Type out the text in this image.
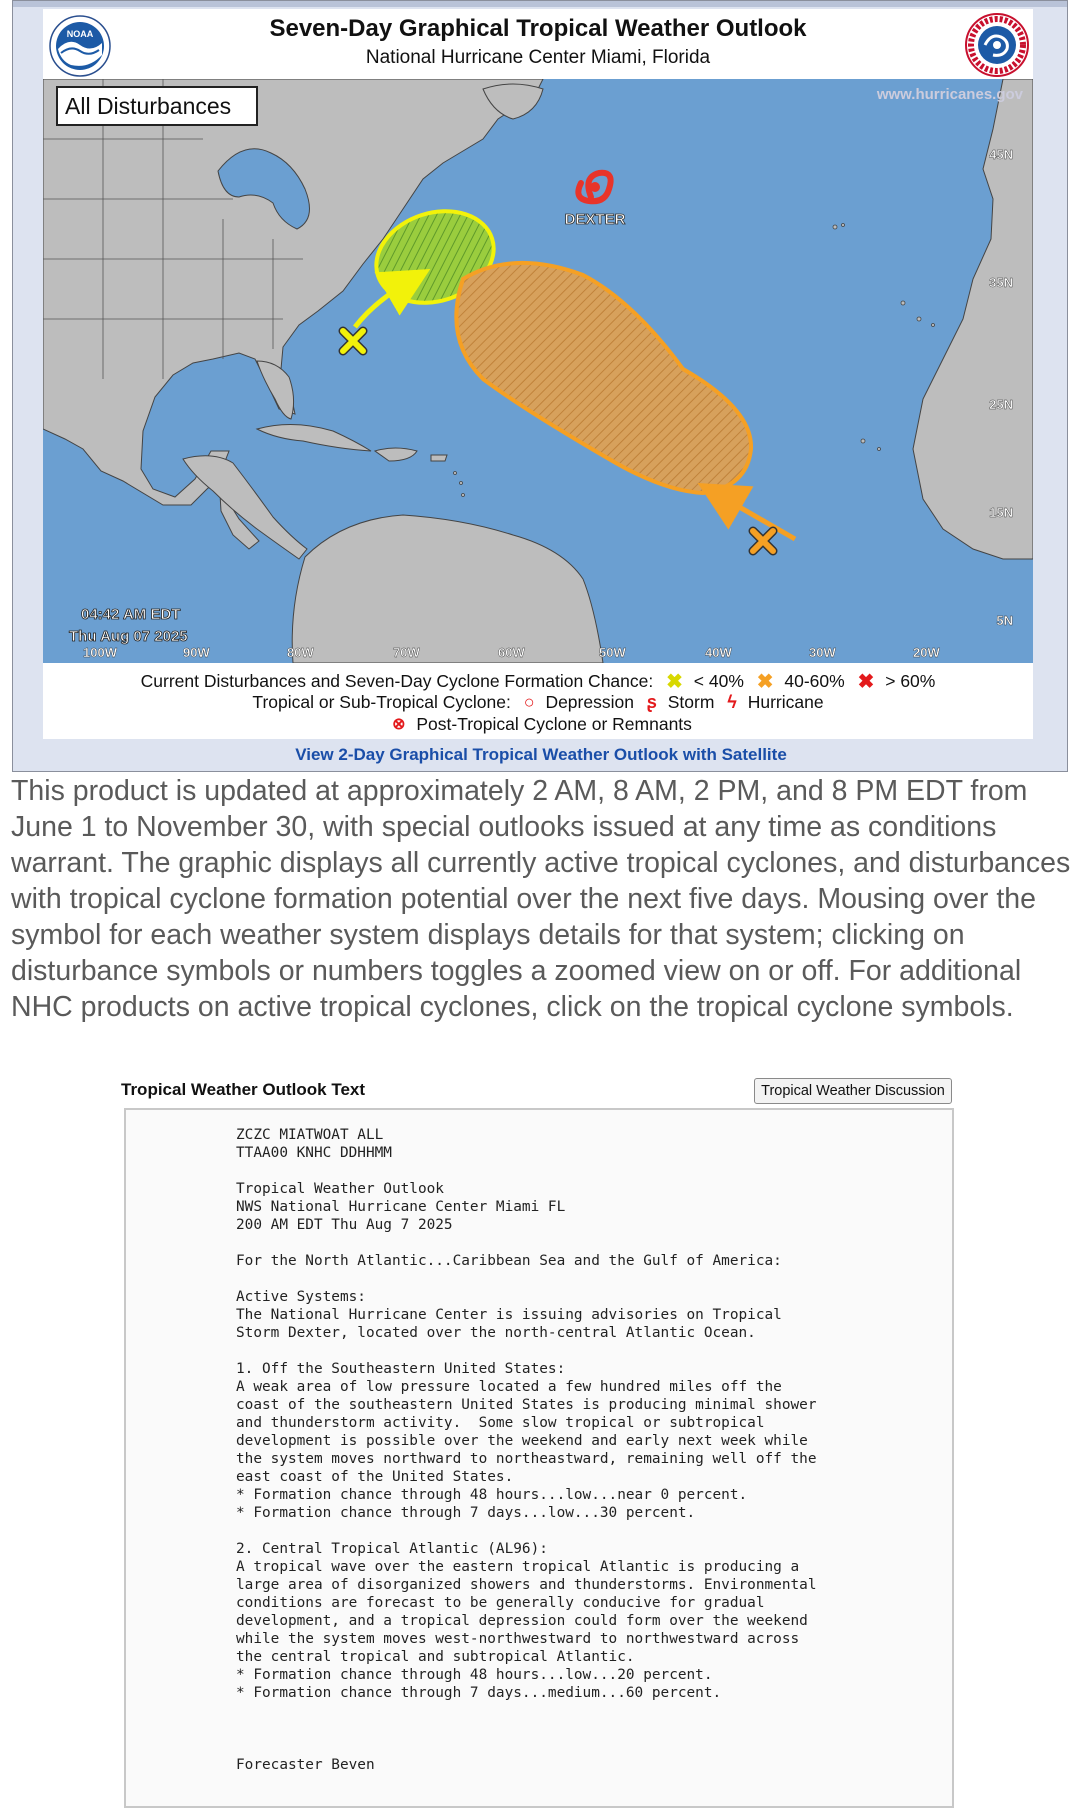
NOAA	Seven-Day Graphical Tropical Weather Outlook
National Hurricane Center Miami, Florida
DEXTER
45N
35N
25N
15N
5N
100W	90W	80W	70W	60W	50W	40W	30W	20W
All Disturbances	www.hurricanes.gov
04:42 AM EDT
Thu Aug 07 2025
Current Disturbances and Seven-Day Cyclone Formation Chance: ✖ < 40% ✖ 40-60% ✖ > 60%
Tropical or Sub-Tropical Cyclone: ○ Depression ʂ Storm ϟ Hurricane
⊗ Post-Tropical Cyclone or Remnants
View 2-Day Graphical Tropical Weather Outlook with Satellite
This product is updated at approximately 2 AM, 8 AM, 2 PM, and 8 PM EDT from June 1 to November 30, with special outlooks issued at any time as conditions warrant. The graphic displays all currently active tropical cyclones, and disturbances with tropical cyclone formation potential over the next five days. Mousing over the symbol for each weather system displays details for that system; clicking on disturbance symbols or numbers toggles a zoomed view on or off. For additional NHC products on active tropical cyclones, click on the tropical cyclone symbols.
Tropical Weather Outlook Text	Tropical Weather Discussion
ZCZC MIATWOAT ALL
TTAA00 KNHC DDHHMM

Tropical Weather Outlook
NWS National Hurricane Center Miami FL
200 AM EDT Thu Aug 7 2025

For the North Atlantic...Caribbean Sea and the Gulf of America:

Active Systems:
The National Hurricane Center is issuing advisories on Tropical
Storm Dexter, located over the north-central Atlantic Ocean.

1. Off the Southeastern United States:
A weak area of low pressure located a few hundred miles off the
coast of the southeastern United States is producing minimal shower
and thunderstorm activity.  Some slow tropical or subtropical
development is possible over the weekend and early next week while
the system moves northward to northeastward, remaining well off the
east coast of the United States.
* Formation chance through 48 hours...low...near 0 percent.
* Formation chance through 7 days...low...30 percent.

2. Central Tropical Atlantic (AL96):
A tropical wave over the eastern tropical Atlantic is producing a
large area of disorganized showers and thunderstorms. Environmental
conditions are forecast to be generally conducive for gradual
development, and a tropical depression could form over the weekend
while the system moves west-northwestward to northwestward across
the central tropical and subtropical Atlantic.
* Formation chance through 48 hours...low...20 percent.
* Formation chance through 7 days...medium...60 percent.

Forecaster Beven
